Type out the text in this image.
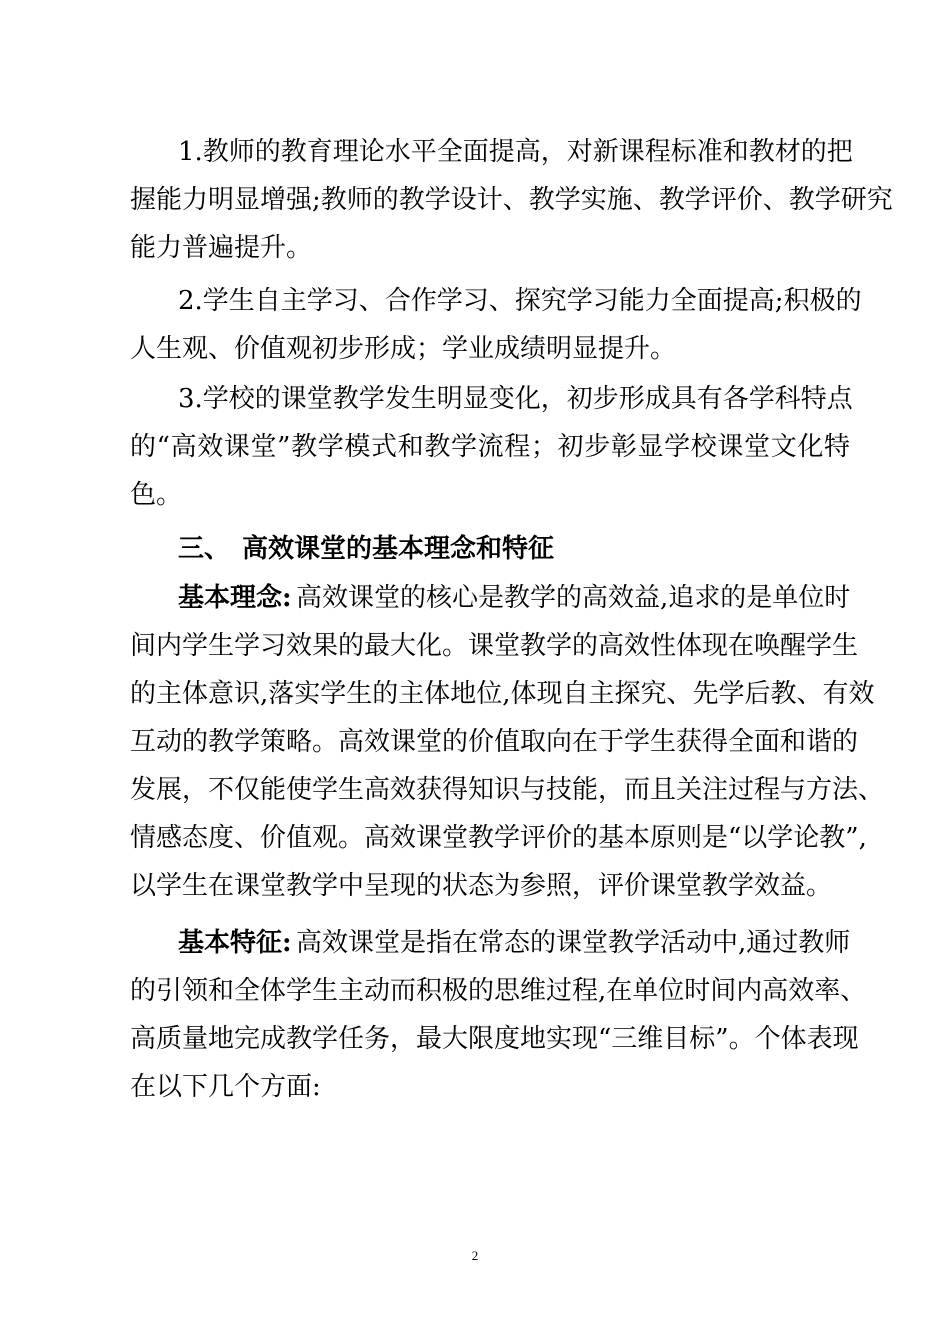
1.教师的教育理论水平全面提高，对新课程标准和教材的把
握能力明显增强;教师的教学设计、教学实施、教学评价、教学研究
能力普遍提升。
2.学生自主学习、合作学习、探究学习能力全面提高;积极的
人生观、价值观初步形成；学业成绩明显提升。
3.学校的课堂教学发生明显变化，初步形成具有各学科特点
的“高效课堂”教学模式和教学流程；初步彰显学校课堂文化特
色。
三、 高效课堂的基本理念和特征
基本理念: 高效课堂的核心是教学的高效益,追求的是单位时
间内学生学习效果的最大化。课堂教学的高效性体现在唤醒学生
的主体意识,落实学生的主体地位,体现自主探究、先学后教、有效
互动的教学策略。高效课堂的价值取向在于学生获得全面和谐的
发展，不仅能使学生高效获得知识与技能，而且关注过程与方法、
情感态度、价值观。高效课堂教学评价的基本原则是“以学论教”,
以学生在课堂教学中呈现的状态为参照，评价课堂教学效益。
基本特征: 高效课堂是指在常态的课堂教学活动中,通过教师
的引领和全体学生主动而积极的思维过程,在单位时间内高效率、
高质量地完成教学任务，最大限度地实现“三维目标”。个体表现
在以下几个方面:
2
